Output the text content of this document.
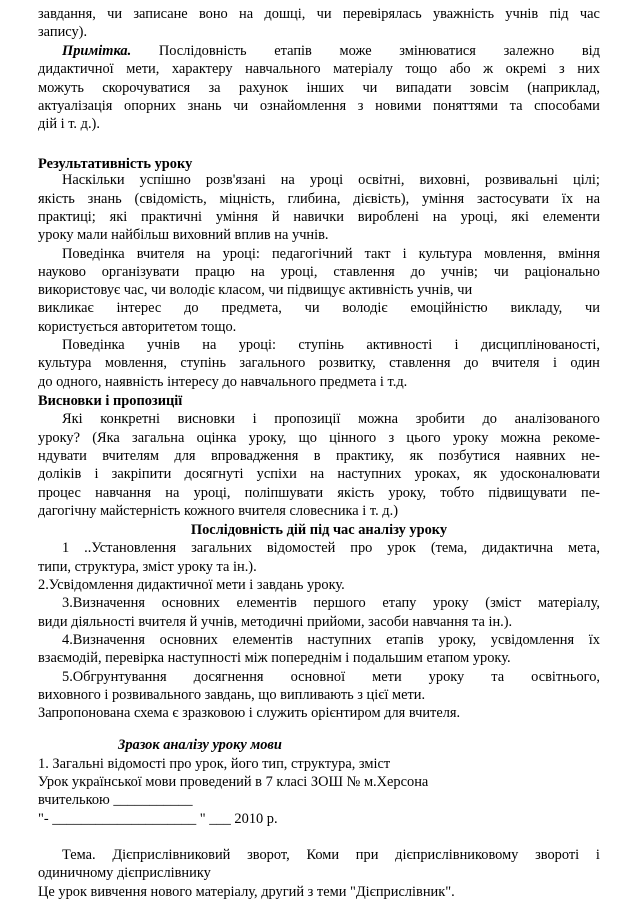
завдання, чи записане воно на дошці, чи перевірялась уважність учнів під час
запису).
Примітка. Послідовність етапів може змінюватися залежно від
дидактичної мети, характеру навчального матеріалу тощо або ж окремі з них
можуть скорочуватися за рахунок інших чи випадати зовсім (наприклад,
актуалізація опорних знань чи ознайомлення з новими поняттями та способами
дій і т. д.).
Результативність уроку
Наскільки успішно розв'язані на уроці освітні, виховні, розвивальні цілі;
якість знань (свідомість, міцність, глибина, дієвість), уміння застосувати їх на
практиці; які практичні уміння й навички вироблені на уроці, які елементи
уроку мали найбільш виховний вплив на учнів.
Поведінка вчителя на уроці: педагогічний такт і культура мовлення, вміння
науково організувати працю на уроці, ставлення до учнів; чи раціонально
використовує час, чи володіє класом, чи підвищує активність учнів, чи
викликає інтерес до предмета, чи володіє емоційністю викладу, чи
користується авторитетом тощо.
Поведінка учнів на уроці: ступінь активності і дисциплінованості,
культура мовлення, ступінь загального розвитку, ставлення до вчителя і один
до одного, наявність інтересу до навчального предмета і т.д.
Висновки і пропозиції
Які конкретні висновки і пропозиції можна зробити до аналізованого
уроку? (Яка загальна оцінка уроку, що цінного з цього уроку можна рекоме-
ндувати вчителям для впровадження в практику, як позбутися наявних не-
доліків і закріпити досягнуті успіхи на наступних уроках, як удосконалювати
процес навчання на уроці, поліпшувати якість уроку, тобто підвищувати пе-
дагогічну майстерність кожного вчителя словесника і т. д.)
Послідовність дій під час аналізу уроку
1 ..Установлення загальних відомостей про урок (тема, дидактична мета,
типи, структура, зміст уроку та ін.).
2.Усвідомлення дидактичної мети і завдань уроку.
3.Визначення основних елементів першого етапу уроку (зміст матеріалу,
види діяльності вчителя й учнів, методичні прийоми, засоби навчання та ін.).
4.Визначення основних елементів наступних етапів уроку, усвідомлення їх
взаємодій, перевірка наступності між попереднім і подальшим етапом уроку.
5.Обгрунтування досягнення основної мети уроку та освітнього,
виховного і розвивального завдань, що випливають з цієї мети.
Запропонована схема є зразковою і служить орієнтиром для вчителя.
Зразок аналізу уроку мови
1. Загальні відомості про урок, його тип, структура, зміст
Урок української мови проведений в 7 класі ЗОШ № м.Херсона
вчителькою ___________
"- ____________________ " ___ 2010 р.
Тема. Дієприслівниковий зворот, Коми при дієприслівниковому звороті і
одиничному дієприслівнику
Це урок вивчення нового матеріалу, другий з теми "Дієприслівник".
